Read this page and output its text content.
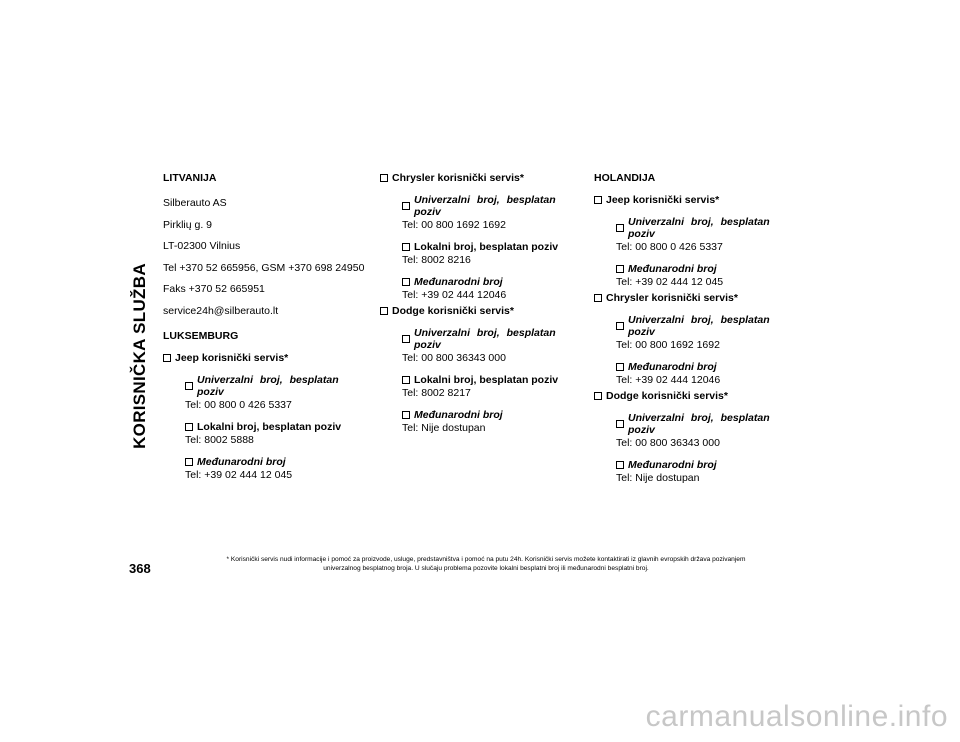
KORISNIČKA SLUŽBA
LITVANIJA
Silberauto AS
Pirklių g. 9
LT-02300 Vilnius
Tel +370 52 665956, GSM +370 698 24950
Faks +370 52 665951
service24h@silberauto.lt
LUKSEMBURG
Jeep korisnički servis*
Univerzalni broj, besplatan poziv
Tel: 00 800 0 426 5337
Lokalni broj, besplatan poziv
Tel: 8002 5888
Međunarodni broj
Tel: +39 02 444 12 045
Chrysler korisnički servis*
Univerzalni broj, besplatan poziv
Tel: 00 800 1692 1692
Lokalni broj, besplatan poziv
Tel: 8002 8216
Međunarodni broj
Tel: +39 02 444 12046
Dodge korisnički servis*
Univerzalni broj, besplatan poziv
Tel: 00 800 36343 000
Lokalni broj, besplatan poziv
Tel: 8002 8217
Međunarodni broj
Tel: Nije dostupan
HOLANDIJA
Jeep korisnički servis*
Univerzalni broj, besplatan poziv
Tel: 00 800 0 426 5337
Međunarodni broj
Tel: +39 02 444 12 045
Chrysler korisnički servis*
Univerzalni broj, besplatan poziv
Tel: 00 800 1692 1692
Međunarodni broj
Tel: +39 02 444 12046
Dodge korisnički servis*
Univerzalni broj, besplatan poziv
Tel: 00 800 36343 000
Međunarodni broj
Tel: Nije dostupan
368
* Korisnički servis nudi informacije i pomoć za proizvode, usluge, predstavništva i pomoć na putu 24h. Korisnički servis možete kontaktirati iz glavnih evropskih država pozivanjem
univerzalnog besplatnog broja. U slučaju problema pozovite lokalni besplatni broj ili međunarodni besplatni broj.
carmanualsonline.info
